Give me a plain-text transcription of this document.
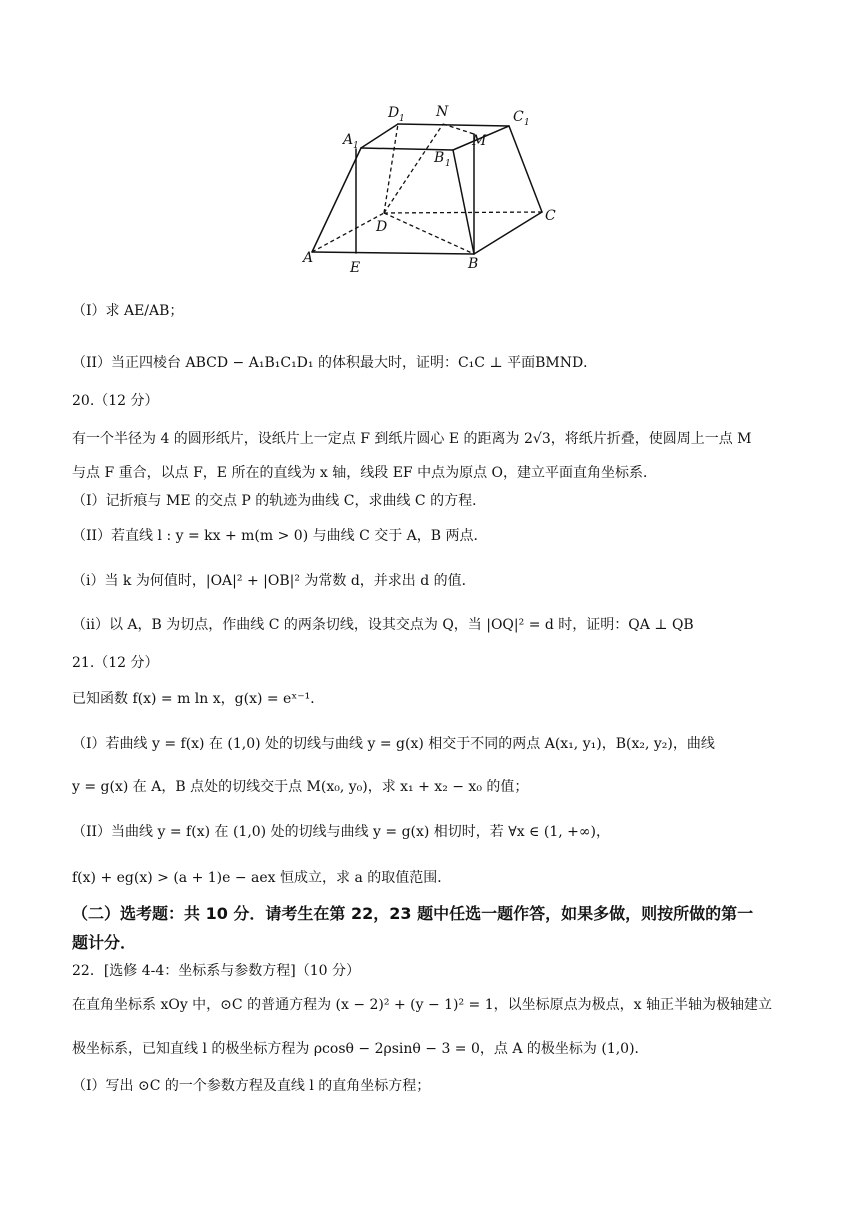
A
E	B
C
D
A 1
B 1
C 1
D 1
M
N
（I）求 AE/AB；
（II）当正四棱台 ABCD − A₁B₁C₁D₁ 的体积最大时，证明：C₁C ⊥ 平面BMND．
20.（12 分）
有一个半径为 4 的圆形纸片，设纸片上一定点 F 到纸片圆心 E 的距离为 2√3，将纸片折叠，使圆周上一点 M
与点 F 重合，以点 F，E 所在的直线为 x 轴，线段 EF 中点为原点 O，建立平面直角坐标系．
（I）记折痕与 ME 的交点 P 的轨迹为曲线 C，求曲线 C 的方程．
（II）若直线 l : y = kx + m(m > 0) 与曲线 C 交于 A，B 两点．
（i）当 k 为何值时，|OA|² + |OB|² 为常数 d，并求出 d 的值．
（ii）以 A，B 为切点，作曲线 C 的两条切线，设其交点为 Q，当 |OQ|² = d 时，证明：QA ⊥ QB
21.（12 分）
已知函数 f(x) = m ln x，g(x) = eˣ⁻¹．
（I）若曲线 y = f(x) 在 (1,0) 处的切线与曲线 y = g(x) 相交于不同的两点 A(x₁, y₁)，B(x₂, y₂)，曲线
y = g(x) 在 A，B 点处的切线交于点 M(x₀, y₀)，求 x₁ + x₂ − x₀ 的值；
（II）当曲线 y = f(x) 在 (1,0) 处的切线与曲线 y = g(x) 相切时，若 ∀x ∈ (1, +∞)，
f(x) + eg(x) > (a + 1)e − aex 恒成立，求 a 的取值范围．
（二）选考题：共 10 分．请考生在第 22，23 题中任选一题作答，如果多做，则按所做的第一
题计分．
22．[选修 4-4：坐标系与参数方程]（10 分）
在直角坐标系 xOy 中，⊙C 的普通方程为 (x − 2)² + (y − 1)² = 1，以坐标原点为极点，x 轴正半轴为极轴建立
极坐标系，已知直线 l 的极坐标方程为 ρcosθ − 2ρsinθ − 3 = 0，点 A 的极坐标为 (1,0)．
（I）写出 ⊙C 的一个参数方程及直线 l 的直角坐标方程；
